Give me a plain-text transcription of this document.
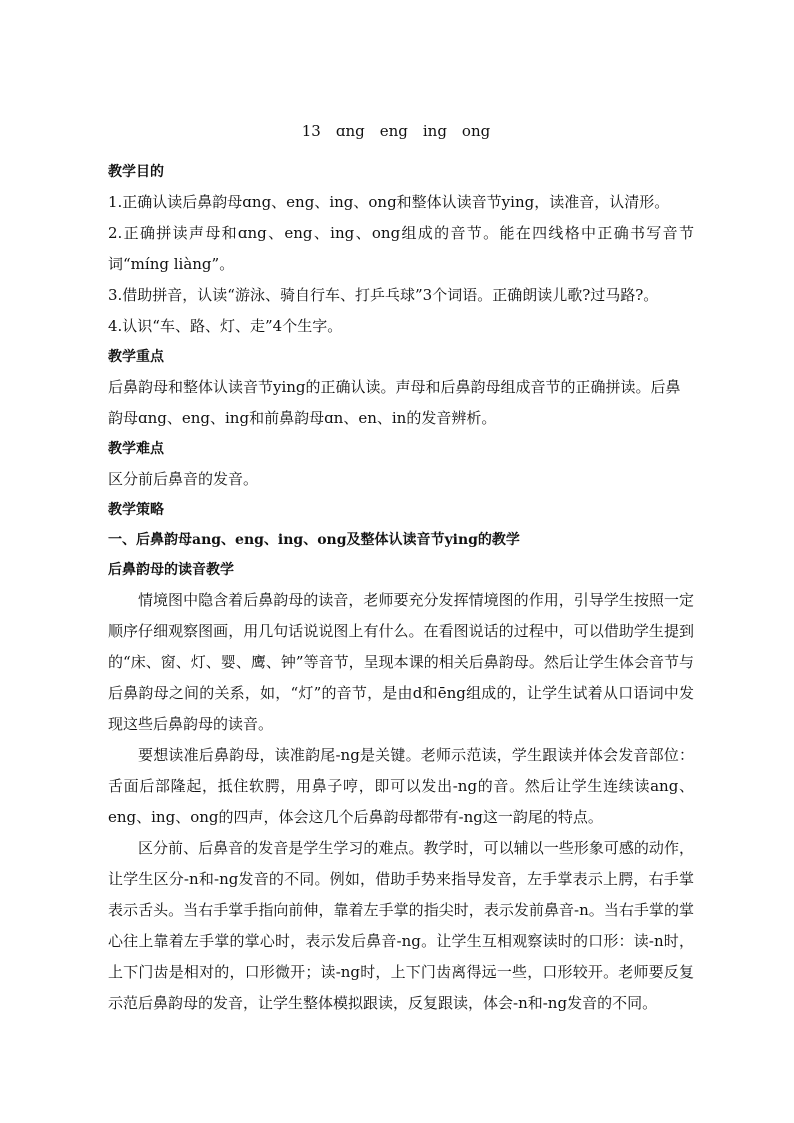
13　ɑng　eng　ing　ong

教学目的

1.正确认读后鼻韵母ɑng、eng、ing、ong和整体认读音节ying，读准音，认清形。

2.正确拼读声母和ɑng、eng、ing、ong组成的音节。能在四线格中正确书写音节词“míng liàng”。

3.借助拼音，认读“游泳、骑自行车、打乒乓球”3个词语。正确朗读儿歌?过马路?。

4.认识“车、路、灯、走”4个生字。

教学重点

后鼻韵母和整体认读音节ying的正确认读。声母和后鼻韵母组成音节的正确拼读。后鼻韵母ɑng、eng、ing和前鼻韵母ɑn、en、in的发音辨析。

教学难点

区分前后鼻音的发音。

教学策略

一、后鼻韵母ang、eng、ing、ong及整体认读音节ying的教学

后鼻韵母的读音教学

情境图中隐含着后鼻韵母的读音，老师要充分发挥情境图的作用，引导学生按照一定顺序仔细观察图画，用几句话说说图上有什么。在看图说话的过程中，可以借助学生提到的“床、窗、灯、婴、鹰、钟”等音节，呈现本课的相关后鼻韵母。然后让学生体会音节与后鼻韵母之间的关系，如，“灯”的音节，是由d和ēng组成的，让学生试着从口语词中发现这些后鼻韵母的读音。

要想读准后鼻韵母，读准韵尾-ng是关键。老师示范读，学生跟读并体会发音部位：舌面后部隆起，抵住软腭，用鼻子哼，即可以发出-ng的音。然后让学生连续读ang、eng、ing、ong的四声，体会这几个后鼻韵母都带有-ng这一韵尾的特点。

区分前、后鼻音的发音是学生学习的难点。教学时，可以辅以一些形象可感的动作，让学生区分-n和-ng发音的不同。例如，借助手势来指导发音，左手掌表示上腭，右手掌表示舌头。当右手掌手指向前伸，靠着左手掌的指尖时，表示发前鼻音-n。当右手掌的掌心往上靠着左手掌的掌心时，表示发后鼻音-ng。让学生互相观察读时的口形：读-n时，上下门齿是相对的，口形微开；读-ng时，上下门齿离得远一些，口形较开。老师要反复示范后鼻韵母的发音，让学生整体模拟跟读，反复跟读，体会-n和-ng发音的不同。
